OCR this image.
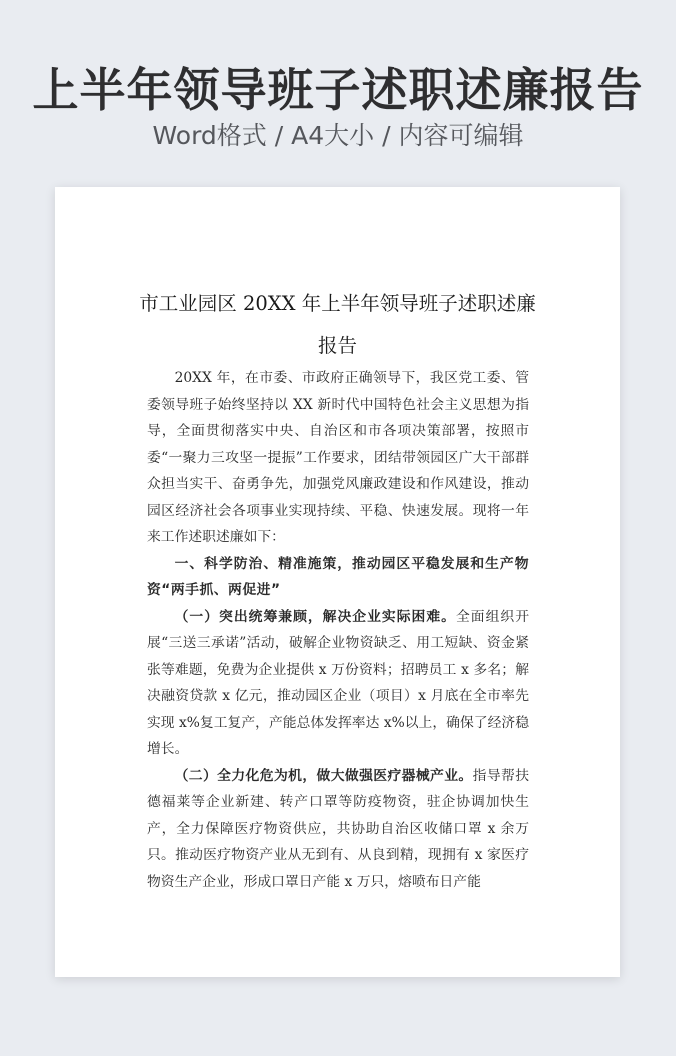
上半年领导班子述职述廉报告
Word格式 / A4大小 / 内容可编辑
市工业园区 20XX 年上半年领导班子述职述廉报告

20XX 年，在市委、市政府正确领导下，我区党工委、管委领导班子始终坚持以 XX 新时代中国特色社会主义思想为指导，全面贯彻落实中央、自治区和市各项决策部署，按照市委“一聚力三攻坚一提振”工作要求，团结带领园区广大干部群众担当实干、奋勇争先，加强党风廉政建设和作风建设，推动园区经济社会各项事业实现持续、平稳、快速发展。现将一年来工作述职述廉如下：

一、科学防治、精准施策，推动园区平稳发展和生产物资“两手抓、两促进”

（一）突出统筹兼顾，解决企业实际困难。全面组织开展“三送三承诺”活动，破解企业物资缺乏、用工短缺、资金紧张等难题，免费为企业提供 x 万份资料；招聘员工 x 多名；解决融资贷款 x 亿元，推动园区企业（项目）x 月底在全市率先实现 x%复工复产，产能总体发挥率达 x%以上，确保了经济稳增长。

（二）全力化危为机，做大做强医疗器械产业。指导帮扶德福莱等企业新建、转产口罩等防疫物资，驻企协调加快生产，全力保障医疗物资供应，共协助自治区收储口罩 x 余万只。推动医疗物资产业从无到有、从良到精，现拥有 x 家医疗物资生产企业，形成口罩日产能 x 万只，熔喷布日产能
